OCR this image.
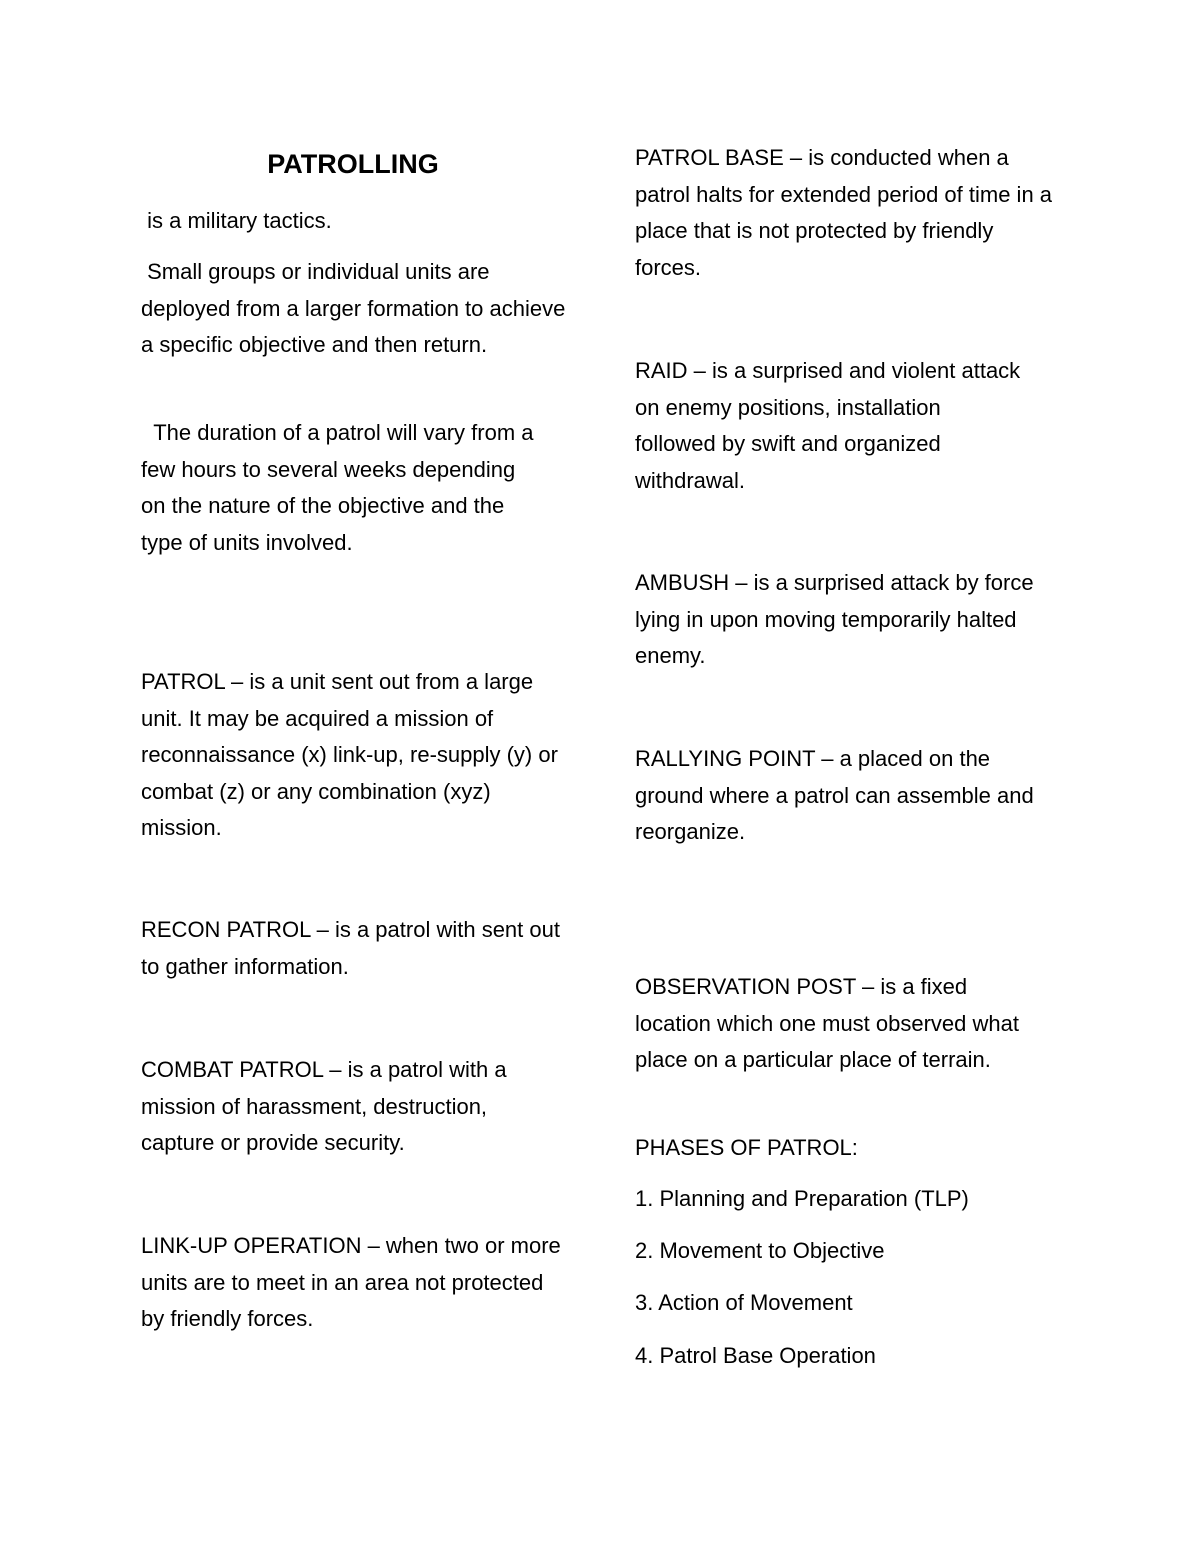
PATROLLING

is a military tactics.

Small groups or individual units are deployed from a larger formation to achieve a specific objective and then return.

The duration of a patrol will vary from a few hours to several weeks depending on the nature of the objective and the type of units involved.

PATROL – is a unit sent out from a large unit. It may be acquired a mission of reconnaissance (x) link-up, re-supply (y) or combat (z) or any combination (xyz) mission.

RECON PATROL – is a patrol with sent out to gather information.

COMBAT PATROL – is a patrol with a mission of harassment, destruction, capture or provide security.

LINK-UP OPERATION – when two or more units are to meet in an area not protected by friendly forces.

PATROL BASE – is conducted when a patrol halts for extended period of time in a place that is not protected by friendly forces.

RAID – is a surprised and violent attack on enemy positions, installation followed by swift and organized withdrawal.

AMBUSH – is a surprised attack by force lying in upon moving temporarily halted enemy.

RALLYING POINT – a placed on the ground where a patrol can assemble and reorganize.

OBSERVATION POST – is a fixed location which one must observed what place on a particular place of terrain.

PHASES OF PATROL:

1. Planning and Preparation (TLP)

2. Movement to Objective

3. Action of Movement

4. Patrol Base Operation
